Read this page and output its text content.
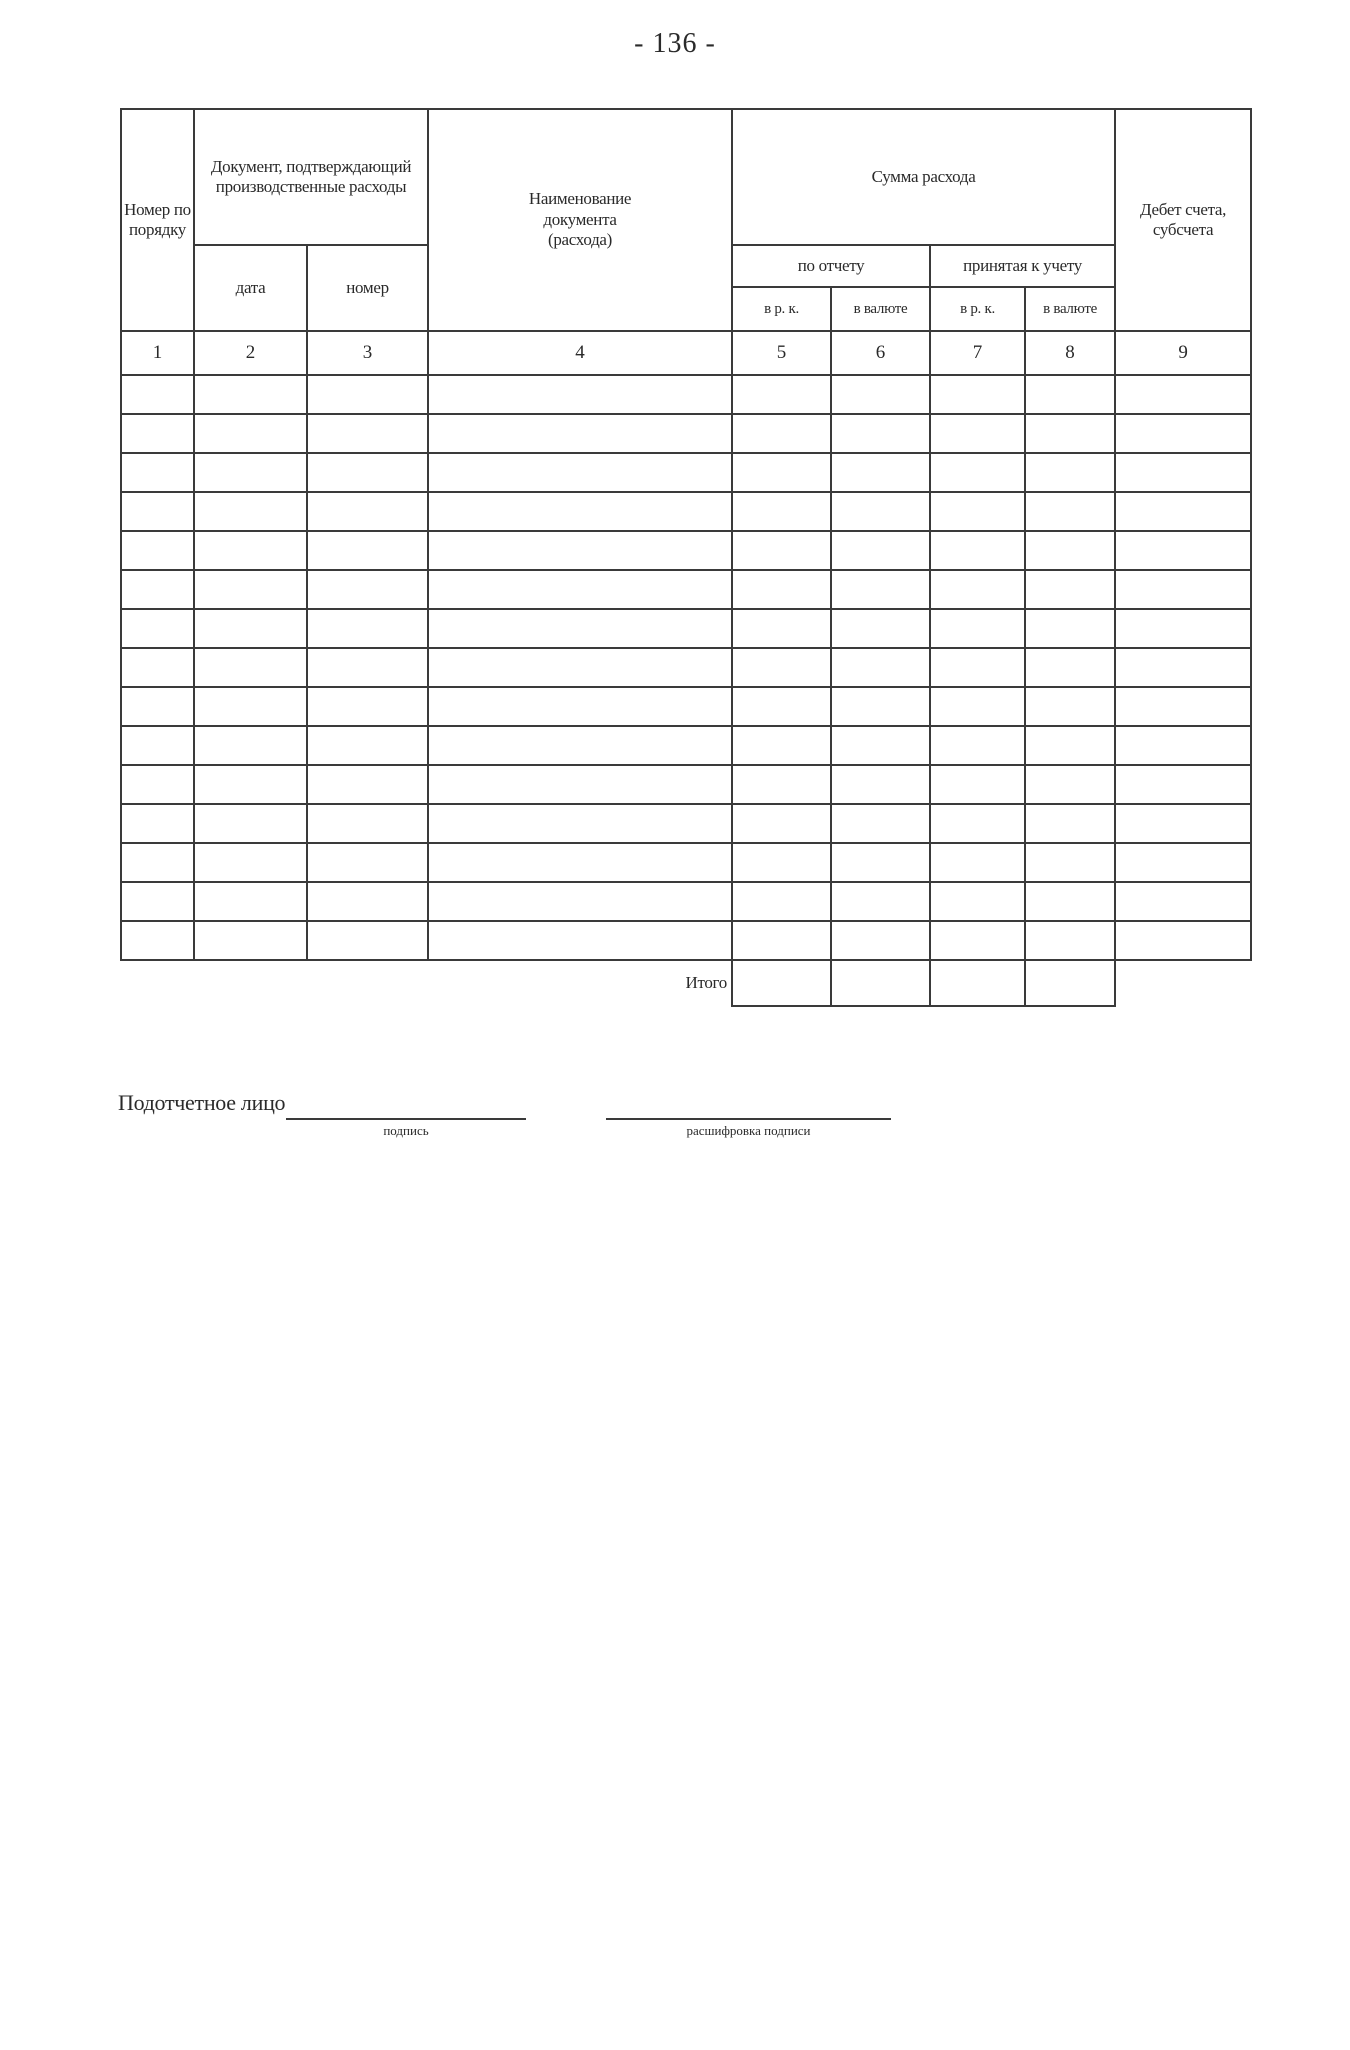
- 136 -
Номер по порядку	Документ, подтверждающий производственные расходы		Наименование документа (расхода)	Сумма расхода				Дебет счета, субсчета
	дата	номер		по отчету		принятая к учету		
				в р. к.	в валюте	в р. к.	в валюте	
1	2	3	4	5	6	7	8	9

Итого								
Подотчетное лицо
подпись	расшифровка подписи
